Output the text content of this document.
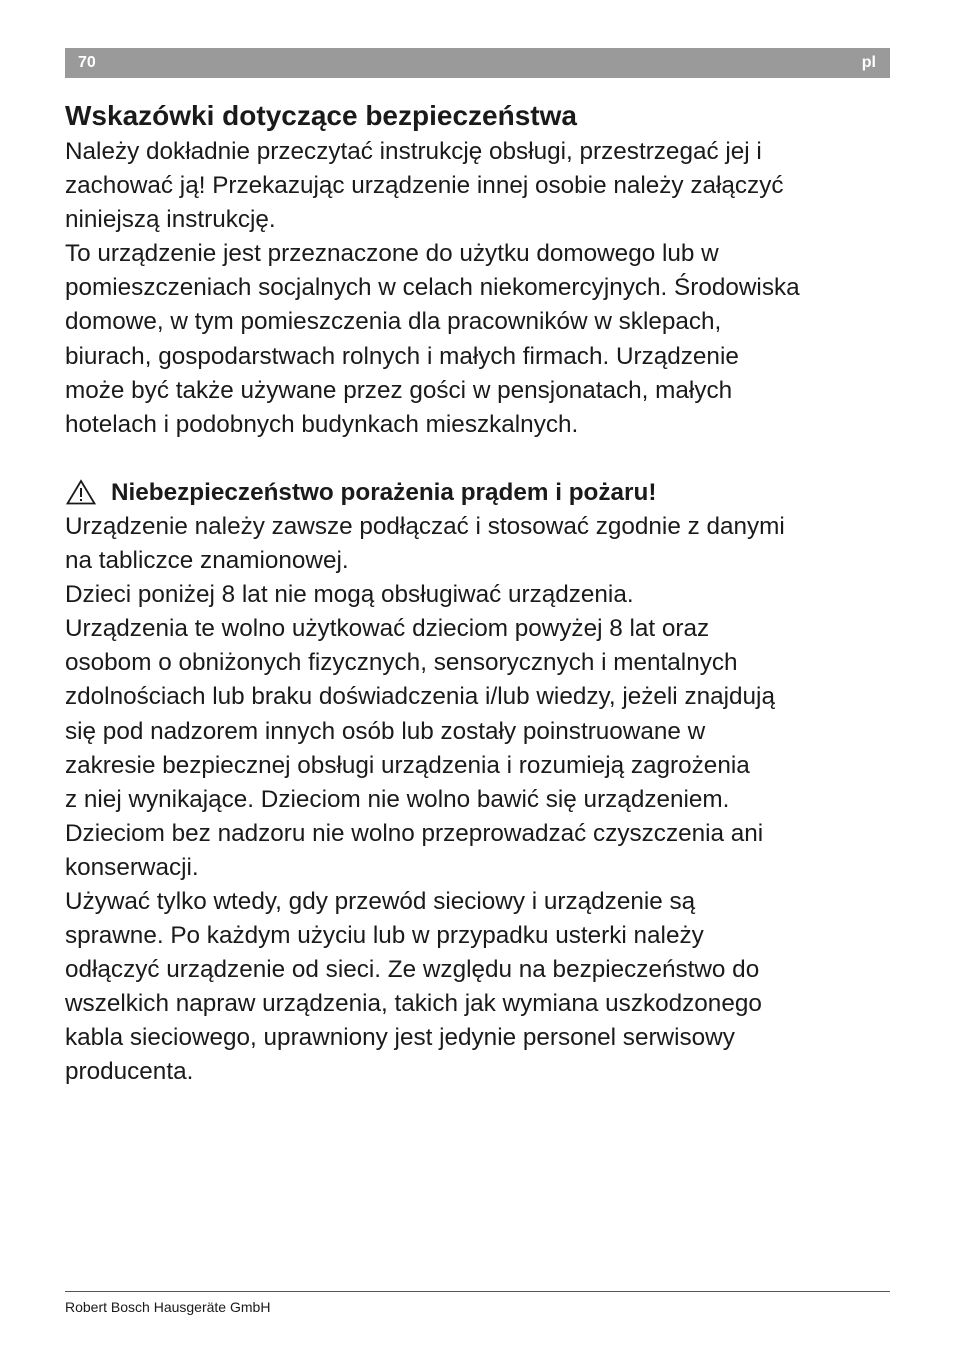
70	pl
Wskazówki dotyczące bezpieczeństwa

Należy dokładnie przeczytać instrukcję obsługi, przestrzegać jej i
zachować ją! Przekazując urządzenie innej osobie należy załączyć
niniejszą instrukcję.
To urządzenie jest przeznaczone do użytku domowego lub w
pomieszczeniach socjalnych w celach niekomercyjnych. Środowiska
domowe, w tym pomieszczenia dla pracowników w sklepach,
biurach, gospodarstwach rolnych i małych firmach. Urządzenie
może być także używane przez gości w pensjonatach, małych
hotelach i podobnych budynkach mieszkalnych.

Niebezpieczeństwo porażenia prądem i pożaru!

Urządzenie należy zawsze podłączać i stosować zgodnie z danymi
na tabliczce znamionowej.
Dzieci poniżej 8 lat nie mogą obsługiwać urządzenia.
Urządzenia te wolno użytkować dzieciom powyżej 8 lat oraz
osobom o obniżonych fizycznych, sensorycznych i mentalnych
zdolnościach lub braku doświadczenia i/lub wiedzy, jeżeli znajdują
się pod nadzorem innych osób lub zostały poinstruowane w
zakresie bezpiecznej obsługi urządzenia i rozumieją zagrożenia
z niej wynikające. Dzieciom nie wolno bawić się urządzeniem.
Dzieciom bez nadzoru nie wolno przeprowadzać czyszczenia ani
konserwacji.
Używać tylko wtedy, gdy przewód sieciowy i urządzenie są
sprawne. Po każdym użyciu lub w przypadku usterki należy
odłączyć urządzenie od sieci. Ze względu na bezpieczeństwo do
wszelkich napraw urządzenia, takich jak wymiana uszkodzonego
kabla sieciowego, uprawniony jest jedynie personel serwisowy
producenta.

Robert Bosch Hausgeräte GmbH
